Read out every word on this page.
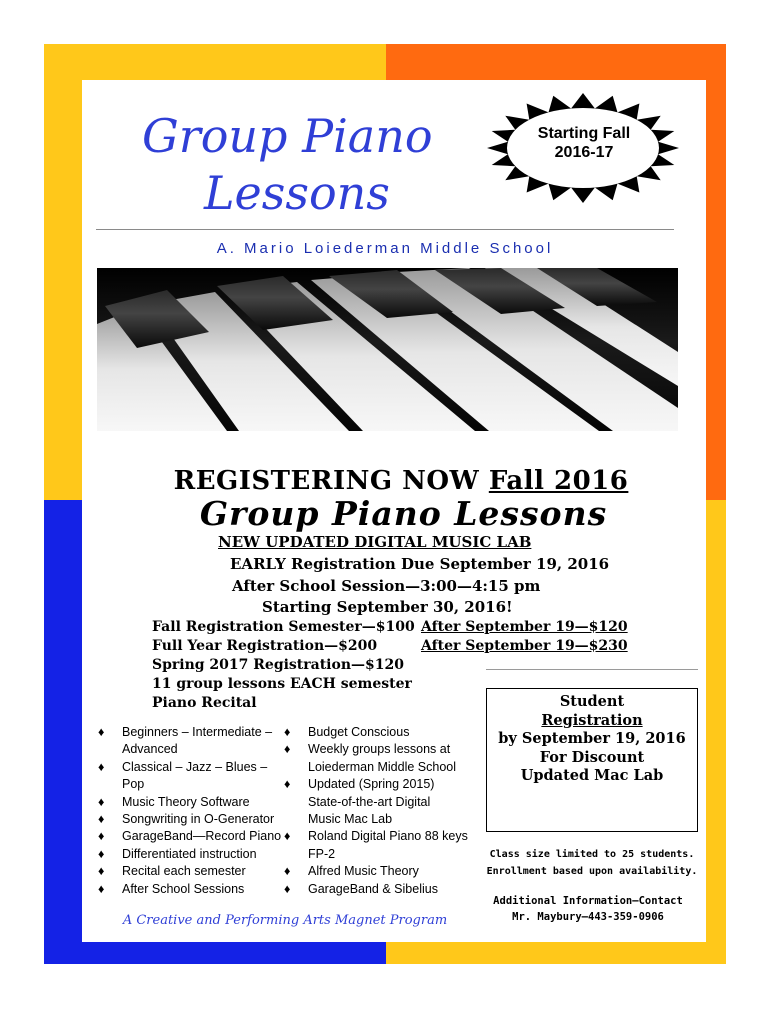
Group Piano
Lessons
Starting Fall
2016-17
A. Mario Loiederman Middle School
REGISTERING NOW Fall 2016
Group Piano Lessons
NEW UPDATED DIGITAL MUSIC LAB
EARLY Registration Due September 19, 2016
After School Session—3:00—4:15 pm
Starting September 30, 2016!
Fall Registration Semester—$100 After September 19—$120
Full Year Registration—$200	After September 19—$230
Spring 2017 Registration—$120
11 group lessons EACH semester
Piano Recital
♦ Beginners – Intermediate –
Advanced
♦ Classical – Jazz – Blues –
Pop
♦ Music Theory Software
♦ Songwriting in O-Generator
♦ GarageBand—Record Piano
♦ Differentiated instruction
♦ Recital each semester
♦ After School Sessions
♦ Budget Conscious
♦ Weekly groups lessons at
Loiederman Middle School
♦ Updated (Spring 2015)
State-of-the-art Digital
Music Mac Lab
♦ Roland Digital Piano 88 keys
FP-2
♦ Alfred Music Theory
♦ GarageBand & Sibelius
Student
Registration
by September 19, 2016
For Discount
Updated Mac Lab
Class size limited to 25 students.
Enrollment based upon availability.
Additional Information—Contact
Mr. Maybury—443-359-0906
A Creative and Performing Arts Magnet Program
